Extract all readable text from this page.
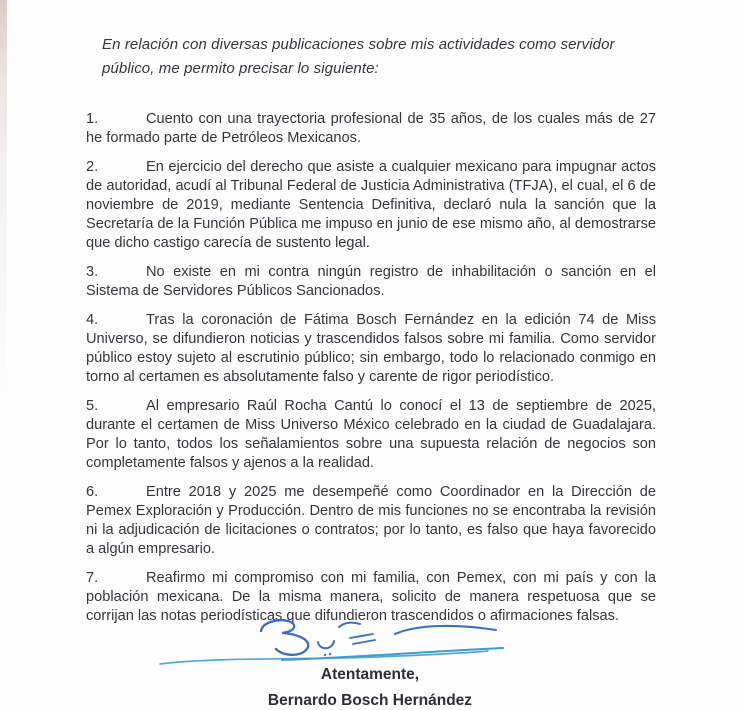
En relación con diversas publicaciones sobre mis actividades como servidor público, me permito precisar lo siguiente:

1.	Cuento con una trayectoria profesional de 35 años, de los cuales más de 27 he formado parte de Petróleos Mexicanos.

2.	En ejercicio del derecho que asiste a cualquier mexicano para impugnar actos de autoridad, acudí al Tribunal Federal de Justicia Administrativa (TFJA), el cual, el 6 de noviembre de 2019, mediante Sentencia Definitiva, declaró nula la sanción que la Secretaría de la Función Pública me impuso en junio de ese mismo año, al demostrarse que dicho castigo carecía de sustento legal.

3.	No existe en mi contra ningún registro de inhabilitación o sanción en el Sistema de Servidores Públicos Sancionados.

4.	Tras la coronación de Fátima Bosch Fernández en la edición 74 de Miss Universo, se difundieron noticias y trascendidos falsos sobre mi familia. Como servidor público estoy sujeto al escrutinio público; sin embargo, todo lo relacionado conmigo en torno al certamen es absolutamente falso y carente de rigor periodístico.

5.	Al empresario Raúl Rocha Cantú lo conocí el 13 de septiembre de 2025, durante el certamen de Miss Universo México celebrado en la ciudad de Guadalajara. Por lo tanto, todos los señalamientos sobre una supuesta relación de negocios son completamente falsos y ajenos a la realidad.

6.	Entre 2018 y 2025 me desempeñé como Coordinador en la Dirección de Pemex Exploración y Producción. Dentro de mis funciones no se encontraba la revisión ni la adjudicación de licitaciones o contratos; por lo tanto, es falso que haya favorecido a algún empresario.

7.	Reafirmo mi compromiso con mi familia, con Pemex, con mi país y con la población mexicana. De la misma manera, solicito de manera respetuosa que se corrijan las notas periodísticas que difundieron trascendidos o afirmaciones falsas.

Atentamente,
Bernardo Bosch Hernández
